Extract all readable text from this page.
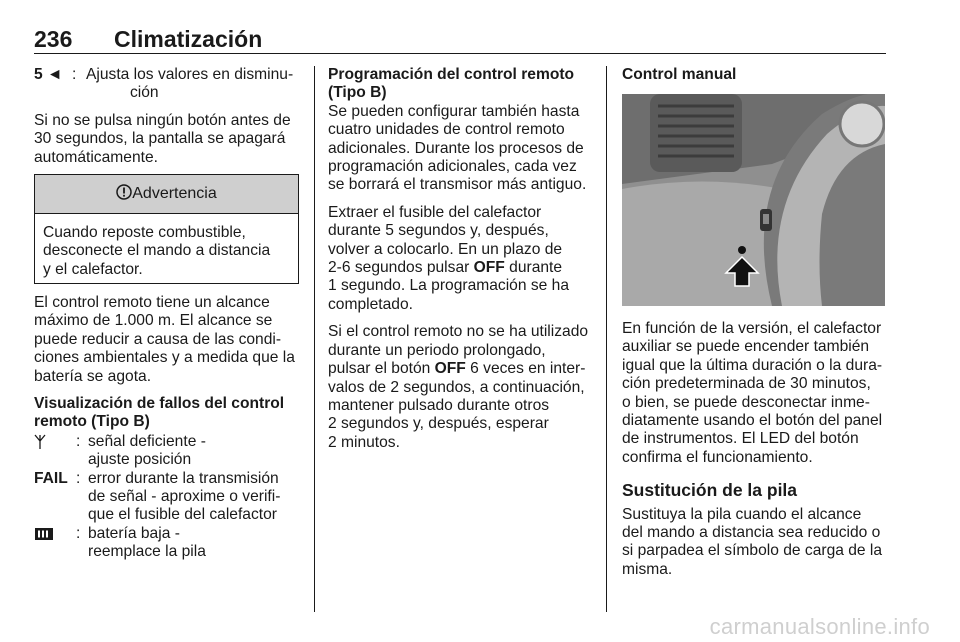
236 Climatización
5 ◄ : Ajusta los valores en disminu-
ción
Si no se pulsa ningún botón antes de
30 segundos, la pantalla se apagará
automáticamente.
Advertencia
Cuando reposte combustible,
desconecte el mando a distancia
y el calefactor.
El control remoto tiene un alcance
máximo de 1.000 m. El alcance se
puede reducir a causa de las condi-
ciones ambientales y a medida que la
batería se agota.
Visualización de fallos del control
remoto (Tipo B)
: señal deficiente -
ajuste posición
FAIL : error durante la transmisión
de señal - aproxime o verifi-
que el fusible del calefactor
: batería baja -
reemplace la pila
Programación del control remoto
(Tipo B)
Se pueden configurar también hasta
cuatro unidades de control remoto
adicionales. Durante los procesos de
programación adicionales, cada vez
se borrará el transmisor más antiguo.
Extraer el fusible del calefactor
durante 5 segundos y, después,
volver a colocarlo. En un plazo de
2-6 segundos pulsar OFF durante
1 segundo. La programación se ha
completado.
Si el control remoto no se ha utilizado
durante un periodo prolongado,
pulsar el botón OFF 6 veces en inter-
valos de 2 segundos, a continuación,
mantener pulsado durante otros
2 segundos y, después, esperar
2 minutos.
Control manual
En función de la versión, el calefactor
auxiliar se puede encender también
igual que la última duración o la dura-
ción predeterminada de 30 minutos,
o bien, se puede desconectar inme-
diatamente usando el botón del panel
de instrumentos. El LED del botón
confirma el funcionamiento.
Sustitución de la pila
Sustituya la pila cuando el alcance
del mando a distancia sea reducido o
si parpadea el símbolo de carga de la
misma.
carmanualsonline.info
